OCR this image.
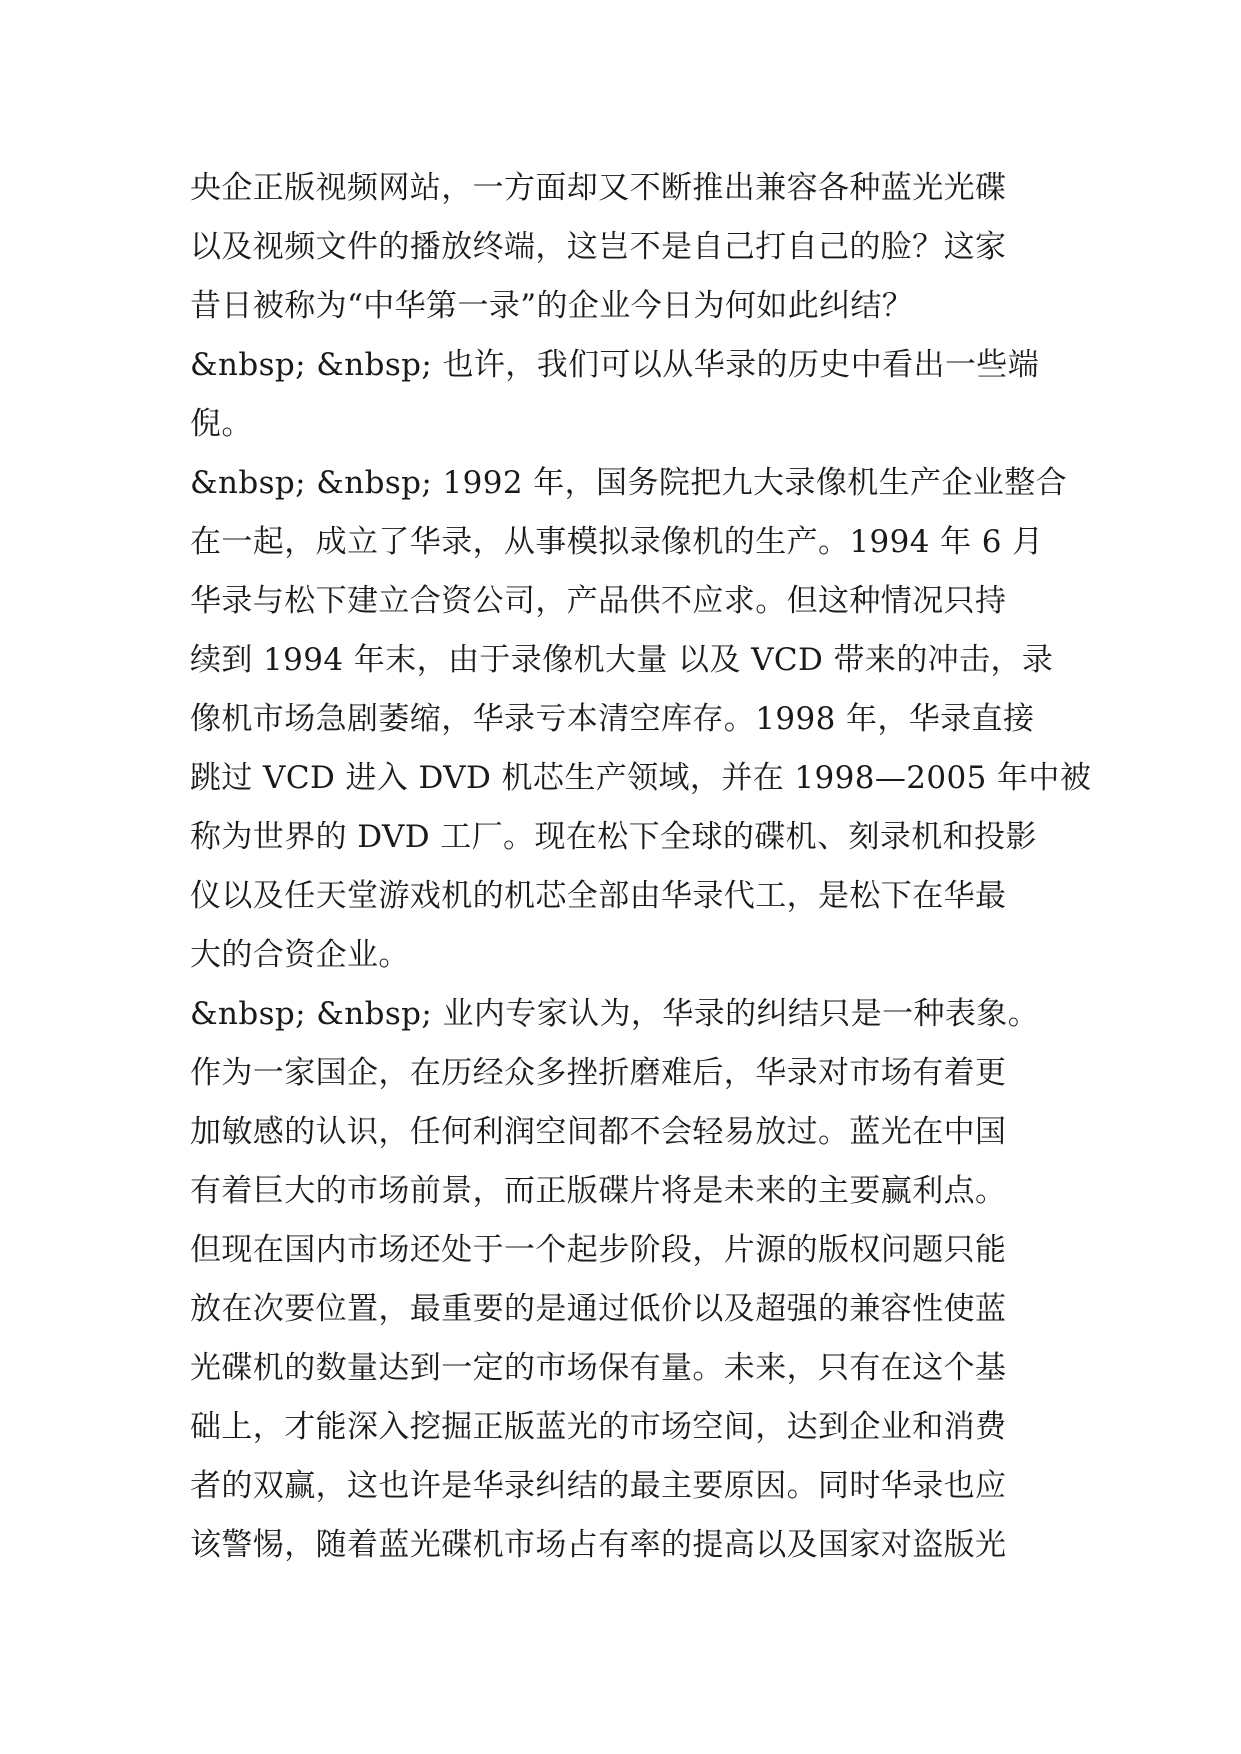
央企正版视频网站，一方面却又不断推出兼容各种蓝光光碟
以及视频文件的播放终端，这岂不是自己打自己的脸？这家
昔日被称为“中华第一录”的企业今日为何如此纠结？
&nbsp; &nbsp; 也许，我们可以从华录的历史中看出一些端
倪。
&nbsp; &nbsp; 1992 年，国务院把九大录像机生产企业整合
在一起，成立了华录，从事模拟录像机的生产。1994 年 6 月
华录与松下建立合资公司，产品供不应求。但这种情况只持
续到 1994 年末，由于录像机大量 以及 VCD 带来的冲击，录
像机市场急剧萎缩，华录亏本清空库存。1998 年，华录直接
跳过 VCD 进入 DVD 机芯生产领域，并在 1998—2005 年中被
称为世界的 DVD 工厂。现在松下全球的碟机、刻录机和投影
仪以及任天堂游戏机的机芯全部由华录代工，是松下在华最
大的合资企业。
&nbsp; &nbsp; 业内专家认为，华录的纠结只是一种表象。
作为一家国企，在历经众多挫折磨难后，华录对市场有着更
加敏感的认识，任何利润空间都不会轻易放过。蓝光在中国
有着巨大的市场前景，而正版碟片将是未来的主要赢利点。
但现在国内市场还处于一个起步阶段，片源的版权问题只能
放在次要位置，最重要的是通过低价以及超强的兼容性使蓝
光碟机的数量达到一定的市场保有量。未来，只有在这个基
础上，才能深入挖掘正版蓝光的市场空间，达到企业和消费
者的双赢，这也许是华录纠结的最主要原因。同时华录也应
该警惕，随着蓝光碟机市场占有率的提高以及国家对盗版光
